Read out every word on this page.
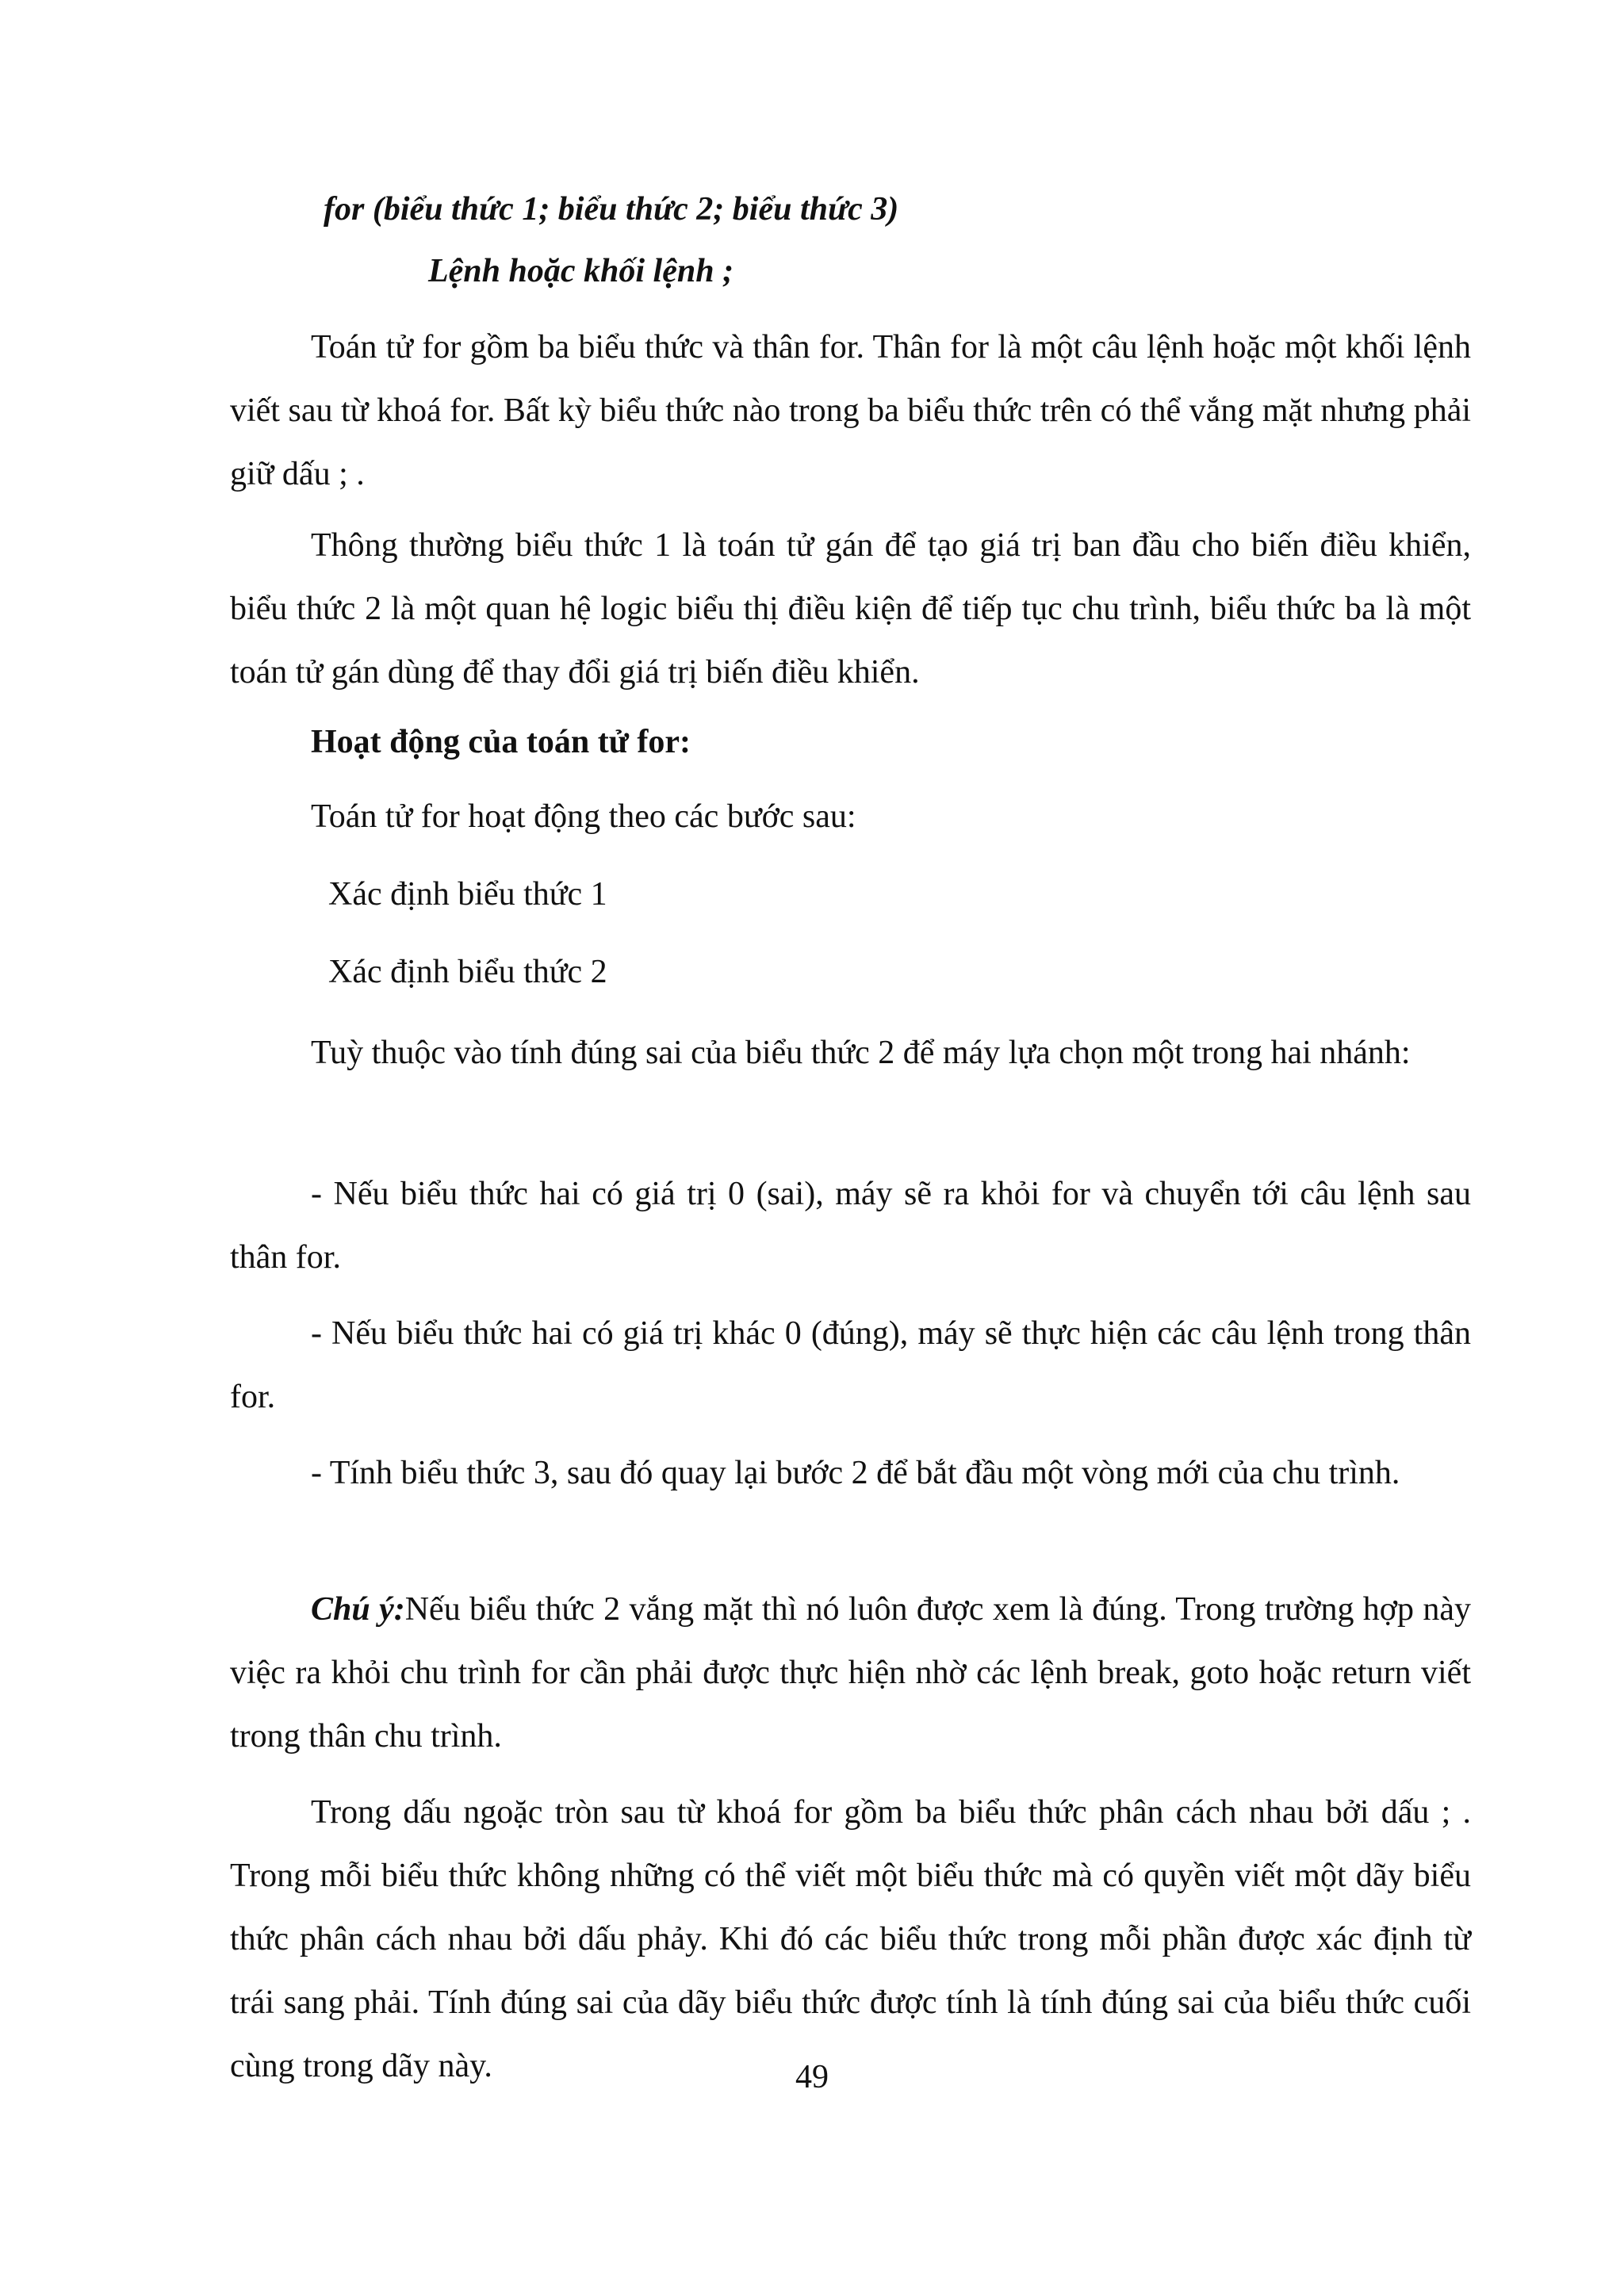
for (biểu thức 1; biểu thức 2; biểu thức 3)
Lệnh hoặc khối lệnh ;

Toán tử for gồm ba biểu thức và thân for. Thân for là một câu lệnh hoặc một khối lệnh viết sau từ khoá for. Bất kỳ biểu thức nào trong ba biểu thức trên có thể vắng mặt nhưng phải giữ dấu ; .

Thông thường biểu thức 1 là toán tử gán để tạo giá trị ban đầu cho biến điều khiển, biểu thức 2 là một quan hệ logic biểu thị điều kiện để tiếp tục chu trình, biểu thức ba là một toán tử gán dùng để thay đổi giá trị biến điều khiển.

Hoạt động của toán tử for:
Toán tử for hoạt động theo các bước sau:
Xác định biểu thức 1
Xác định biểu thức 2

Tuỳ thuộc vào tính đúng sai của biểu thức 2 để máy lựa chọn một trong hai nhánh:

- Nếu biểu thức hai có giá trị 0 (sai), máy sẽ ra khỏi for và chuyển tới câu lệnh sau thân for.

- Nếu biểu thức hai có giá trị khác 0 (đúng), máy sẽ thực hiện các câu lệnh trong thân for.

- Tính biểu thức 3, sau đó quay lại bước 2 để bắt đầu một vòng mới của chu trình.

Chú ý:Nếu biểu thức 2 vắng mặt thì nó luôn được xem là đúng. Trong trường hợp này việc ra khỏi chu trình for cần phải được thực hiện nhờ các lệnh break, goto hoặc return viết trong thân chu trình.

Trong dấu ngoặc tròn sau từ khoá for gồm ba biểu thức phân cách nhau bởi dấu ; . Trong mỗi biểu thức không những có thể viết một biểu thức mà có quyền viết một dãy biểu thức phân cách nhau bởi dấu phảy. Khi đó các biểu thức trong mỗi phần được xác định từ trái sang phải. Tính đúng sai của dãy biểu thức được tính là tính đúng sai của biểu thức cuối cùng trong dãy này.	49
